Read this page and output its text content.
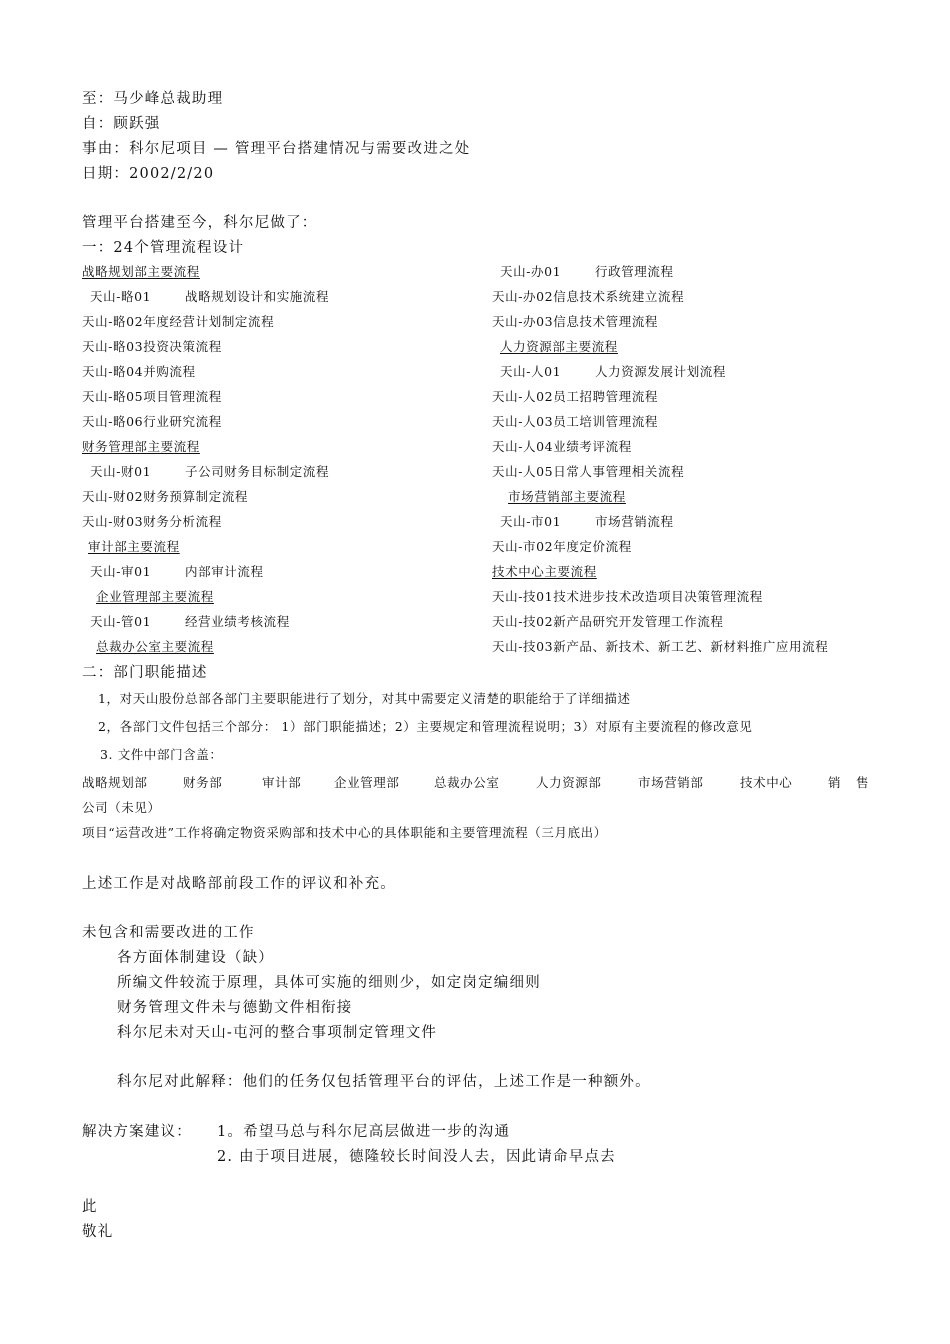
至：马少峰总裁助理
自：顾跃强
事由：科尔尼项目 — 管理平台搭建情况与需要改进之处
日期：2002/2/20
管理平台搭建至今，科尔尼做了：
一：24个管理流程设计
战略规划部主要流程
天山-略01	战略规划设计和实施流程
天山-略02年度经营计划制定流程
天山-略03投资决策流程
天山-略04并购流程
天山-略05项目管理流程
天山-略06行业研究流程
财务管理部主要流程
天山-财01	子公司财务目标制定流程
天山-财02财务预算制定流程
天山-财03财务分析流程
审计部主要流程
天山-审01	内部审计流程
企业管理部主要流程
天山-管01	经营业绩考核流程
总裁办公室主要流程
天山-办01	行政管理流程
天山-办02信息技术系统建立流程
天山-办03信息技术管理流程
人力资源部主要流程
天山-人01	人力资源发展计划流程
天山-人02员工招聘管理流程
天山-人03员工培训管理流程
天山-人04业绩考评流程
天山-人05日常人事管理相关流程
市场营销部主要流程
天山-市01	市场营销流程
天山-市02年度定价流程
技术中心主要流程
天山-技01技术进步技术改造项目决策管理流程
天山-技02新产品研究开发管理工作流程
天山-技03新产品、新技术、新工艺、新材料推广应用流程
二：部门职能描述
1，对天山股份总部各部门主要职能进行了划分，对其中需要定义清楚的职能给于了详细描述
2，各部门文件包括三个部分： 1）部门职能描述；2）主要规定和管理流程说明；3）对原有主要流程的修改意见
3. 文件中部门含盖：
战略规划部	财务部	审计部	企业管理部	总裁办公室	人力资源部	市场营销部	技术中心	销 售
公司（未见）
项目“运营改进”工作将确定物资采购部和技术中心的具体职能和主要管理流程（三月底出）
上述工作是对战略部前段工作的评议和补充。
未包含和需要改进的工作
各方面体制建设（缺）
所编文件较流于原理，具体可实施的细则少，如定岗定编细则
财务管理文件未与德勤文件相衔接
科尔尼未对天山-屯河的整合事项制定管理文件
科尔尼对此解释：他们的任务仅包括管理平台的评估，上述工作是一种额外。
解决方案建议： 1。希望马总与科尔尼高层做进一步的沟通
2. 由于项目进展，德隆较长时间没人去，因此请命早点去
此
敬礼
